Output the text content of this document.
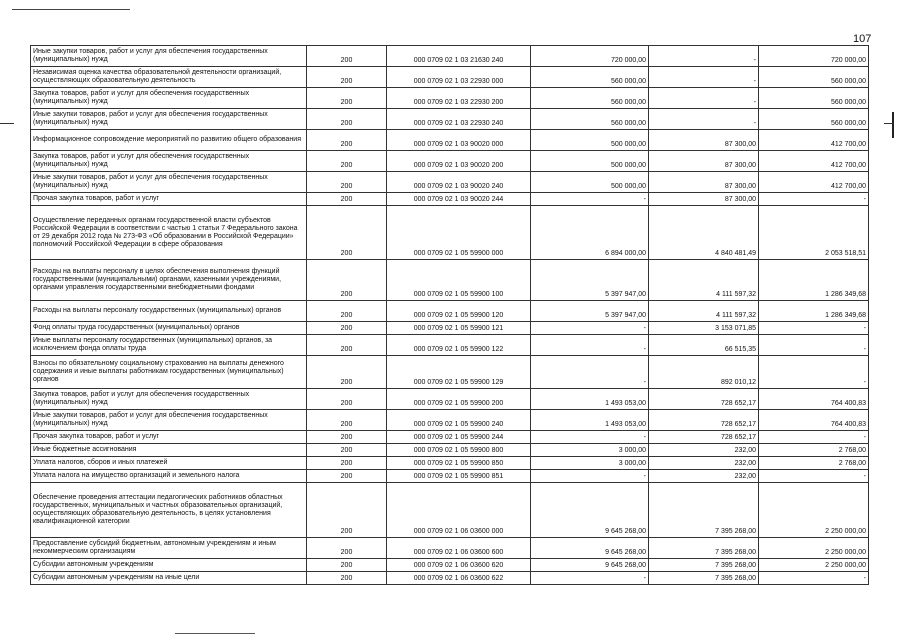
107
Иные закупки товаров, работ и услуг для обеспечения государственных (муниципальных) нужд	200	000 0709 02 1 03 21630 240	720 000,00	-	720 000,00
Независимая оценка качества образовательной деятельности организаций, осуществляющих образовательную деятельность	200	000 0709 02 1 03 22930 000	560 000,00	-	560 000,00
Закупка товаров, работ и услуг для обеспечения государственных (муниципальных) нужд	200	000 0709 02 1 03 22930 200	560 000,00	-	560 000,00
Иные закупки товаров, работ и услуг для обеспечения государственных (муниципальных) нужд	200	000 0709 02 1 03 22930 240	560 000,00	-	560 000,00
Информационное сопровождение мероприятий по развитию общего образования	200	000 0709 02 1 03 90020 000	500 000,00	87 300,00	412 700,00
Закупка товаров, работ и услуг для обеспечения государственных (муниципальных) нужд	200	000 0709 02 1 03 90020 200	500 000,00	87 300,00	412 700,00
Иные закупки товаров, работ и услуг для обеспечения государственных (муниципальных) нужд	200	000 0709 02 1 03 90020 240	500 000,00	87 300,00	412 700,00
Прочая закупка товаров, работ и услуг	200	000 0709 02 1 03 90020 244	-	87 300,00	-
Осуществление переданных органам государственной власти субъектов Российской Федерации в соответствии с частью 1 статьи 7 Федерального закона от 29 декабря 2012 года № 273-ФЗ «Об образовании в Российской Федерации» полномочий Российской Федерации в сфере образования	200	000 0709 02 1 05 59900 000	6 894 000,00	4 840 481,49	2 053 518,51
Расходы на выплаты персоналу в целях обеспечения выполнения функций государственными (муниципальными) органами, казенными учреждениями, органами управления государственными внебюджетными фондами	200	000 0709 02 1 05 59900 100	5 397 947,00	4 111 597,32	1 286 349,68
Расходы на выплаты персоналу государственных (муниципальных) органов	200	000 0709 02 1 05 59900 120	5 397 947,00	4 111 597,32	1 286 349,68
Фонд оплаты труда государственных (муниципальных) органов	200	000 0709 02 1 05 59900 121	-	3 153 071,85	-
Иные выплаты персоналу государственных (муниципальных) органов, за исключением фонда оплаты труда	200	000 0709 02 1 05 59900 122	-	66 515,35	-
Взносы по обязательному социальному страхованию на выплаты денежного содержания и иные выплаты работникам государственных (муниципальных) органов	200	000 0709 02 1 05 59900 129	-	892 010,12	-
Закупка товаров, работ и услуг для обеспечения государственных (муниципальных) нужд	200	000 0709 02 1 05 59900 200	1 493 053,00	728 652,17	764 400,83
Иные закупки товаров, работ и услуг для обеспечения государственных (муниципальных) нужд	200	000 0709 02 1 05 59900 240	1 493 053,00	728 652,17	764 400,83
Прочая закупка товаров, работ и услуг	200	000 0709 02 1 05 59900 244	-	728 652,17	-
Иные бюджетные ассигнования	200	000 0709 02 1 05 59900 800	3 000,00	232,00	2 768,00
Уплата налогов, сборов и иных платежей	200	000 0709 02 1 05 59900 850	3 000,00	232,00	2 768,00
Уплата налога на имущество организаций и земельного налога	200	000 0709 02 1 05 59900 851	-	232,00	-
Обеспечение проведения аттестации педагогических работников областных государственных, муниципальных и частных образовательных организаций, осуществляющих образовательную деятельность, в целях установления квалификационной категории	200	000 0709 02 1 06 03600 000	9 645 268,00	7 395 268,00	2 250 000,00
Предоставление субсидий бюджетным, автономным учреждениям и иным некоммерческим организациям	200	000 0709 02 1 06 03600 600	9 645 268,00	7 395 268,00	2 250 000,00
Субсидии автономным учреждениям	200	000 0709 02 1 06 03600 620	9 645 268,00	7 395 268,00	2 250 000,00
Субсидии автономным учреждениям на иные цели	200	000 0709 02 1 06 03600 622	-	7 395 268,00	-
